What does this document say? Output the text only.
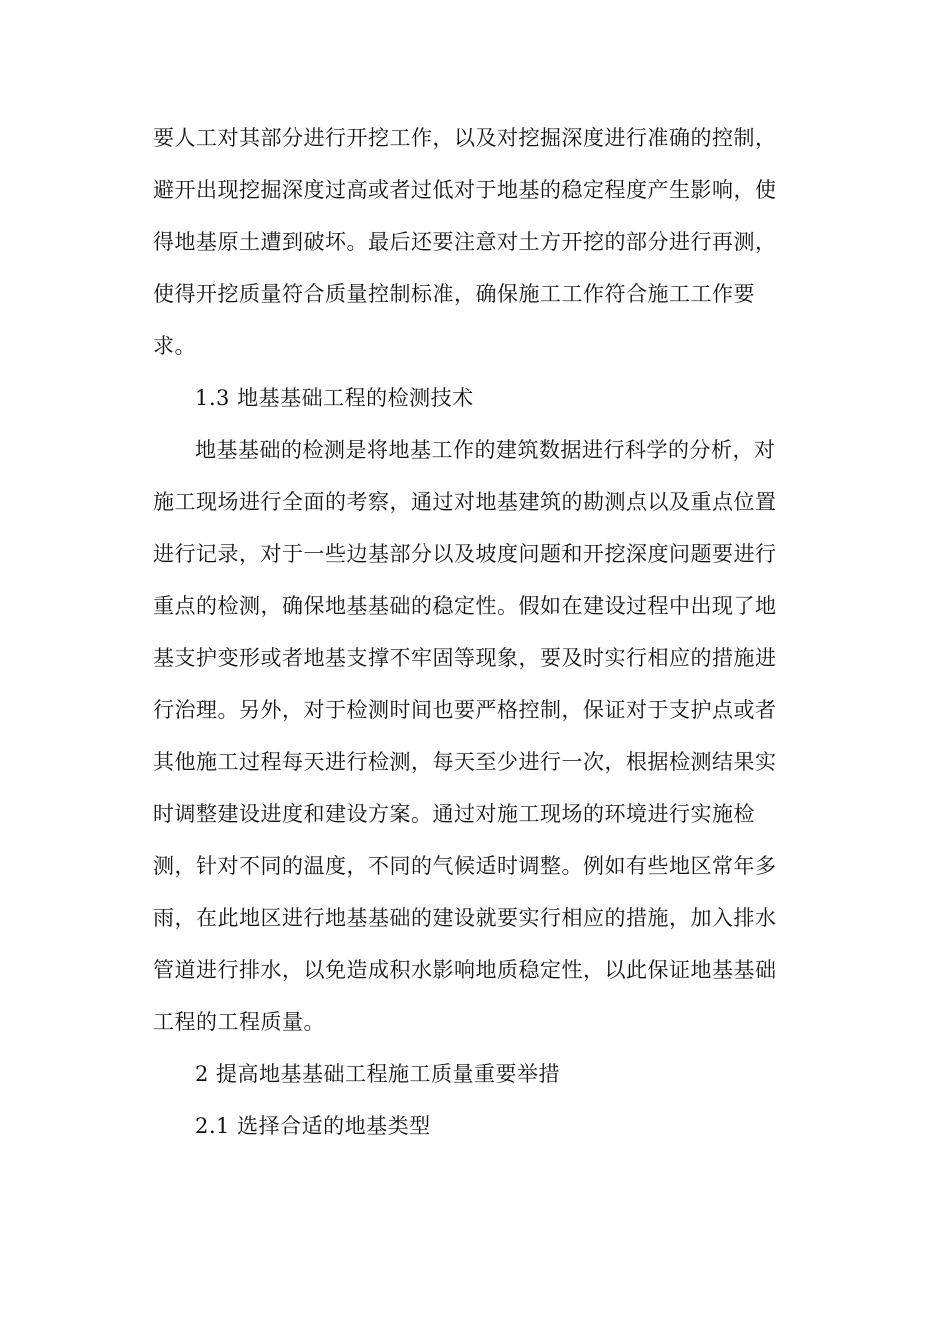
要人工对其部分进行开挖工作，以及对挖掘深度进行准确的控制，
避开出现挖掘深度过高或者过低对于地基的稳定程度产生影响，使
得地基原土遭到破坏。最后还要注意对土方开挖的部分进行再测，
使得开挖质量符合质量控制标准，确保施工工作符合施工工作要
求。
1.3 地基基础工程的检测技术
地基基础的检测是将地基工作的建筑数据进行科学的分析，对
施工现场进行全面的考察，通过对地基建筑的勘测点以及重点位置
进行记录，对于一些边基部分以及坡度问题和开挖深度问题要进行
重点的检测，确保地基基础的稳定性。假如在建设过程中出现了地
基支护变形或者地基支撑不牢固等现象，要及时实行相应的措施进
行治理。另外，对于检测时间也要严格控制，保证对于支护点或者
其他施工过程每天进行检测，每天至少进行一次，根据检测结果实
时调整建设进度和建设方案。通过对施工现场的环境进行实施检
测，针对不同的温度，不同的气候适时调整。例如有些地区常年多
雨，在此地区进行地基基础的建设就要实行相应的措施，加入排水
管道进行排水，以免造成积水影响地质稳定性，以此保证地基基础
工程的工程质量。
2 提高地基基础工程施工质量重要举措
2.1 选择合适的地基类型
